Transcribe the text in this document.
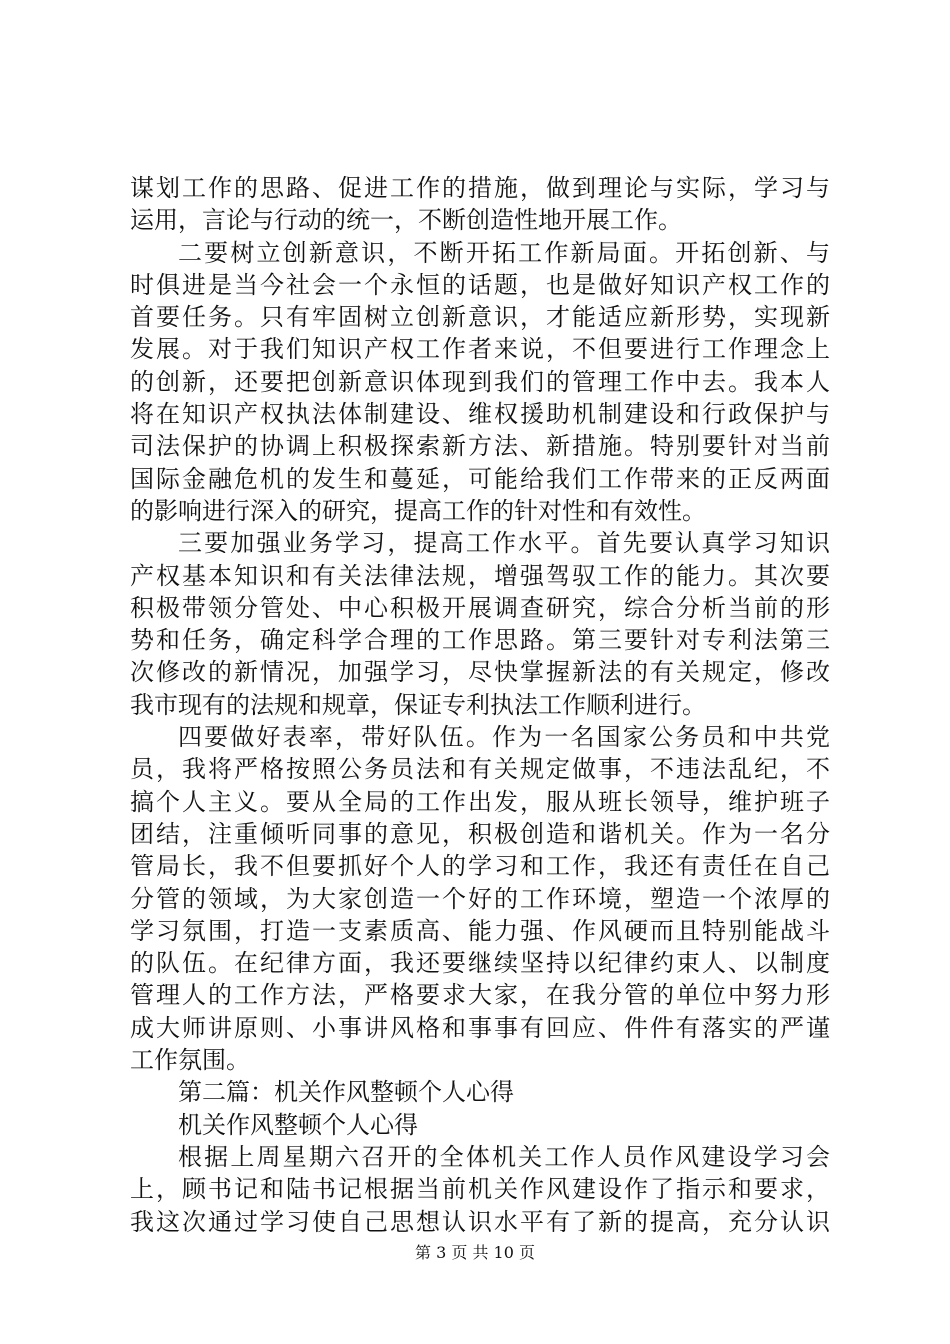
谋划工作的思路、促进工作的措施，做到理论与实际，学习与
运用，言论与行动的统一，不断创造性地开展工作。
二要树立创新意识，不断开拓工作新局面。开拓创新、与
时俱进是当今社会一个永恒的话题，也是做好知识产权工作的
首要任务。只有牢固树立创新意识，才能适应新形势，实现新
发展。对于我们知识产权工作者来说，不但要进行工作理念上
的创新，还要把创新意识体现到我们的管理工作中去。我本人
将在知识产权执法体制建设、维权援助机制建设和行政保护与
司法保护的协调上积极探索新方法、新措施。特别要针对当前
国际金融危机的发生和蔓延，可能给我们工作带来的正反两面
的影响进行深入的研究，提高工作的针对性和有效性。
三要加强业务学习，提高工作水平。首先要认真学习知识
产权基本知识和有关法律法规，增强驾驭工作的能力。其次要
积极带领分管处、中心积极开展调查研究，综合分析当前的形
势和任务，确定科学合理的工作思路。第三要针对专利法第三
次修改的新情况，加强学习，尽快掌握新法的有关规定，修改
我市现有的法规和规章，保证专利执法工作顺利进行。
四要做好表率，带好队伍。作为一名国家公务员和中共党
员，我将严格按照公务员法和有关规定做事，不违法乱纪，不
搞个人主义。要从全局的工作出发，服从班长领导，维护班子
团结，注重倾听同事的意见，积极创造和谐机关。作为一名分
管局长，我不但要抓好个人的学习和工作，我还有责任在自己
分管的领域，为大家创造一个好的工作环境，塑造一个浓厚的
学习氛围，打造一支素质高、能力强、作风硬而且特别能战斗
的队伍。在纪律方面，我还要继续坚持以纪律约束人、以制度
管理人的工作方法，严格要求大家，在我分管的单位中努力形
成大师讲原则、小事讲风格和事事有回应、件件有落实的严谨
工作氛围。
第二篇：机关作风整顿个人心得
机关作风整顿个人心得
根据上周星期六召开的全体机关工作人员作风建设学习会
上，顾书记和陆书记根据当前机关作风建设作了指示和要求，
我这次通过学习使自己思想认识水平有了新的提高，充分认识
第 3 页 共 10 页
